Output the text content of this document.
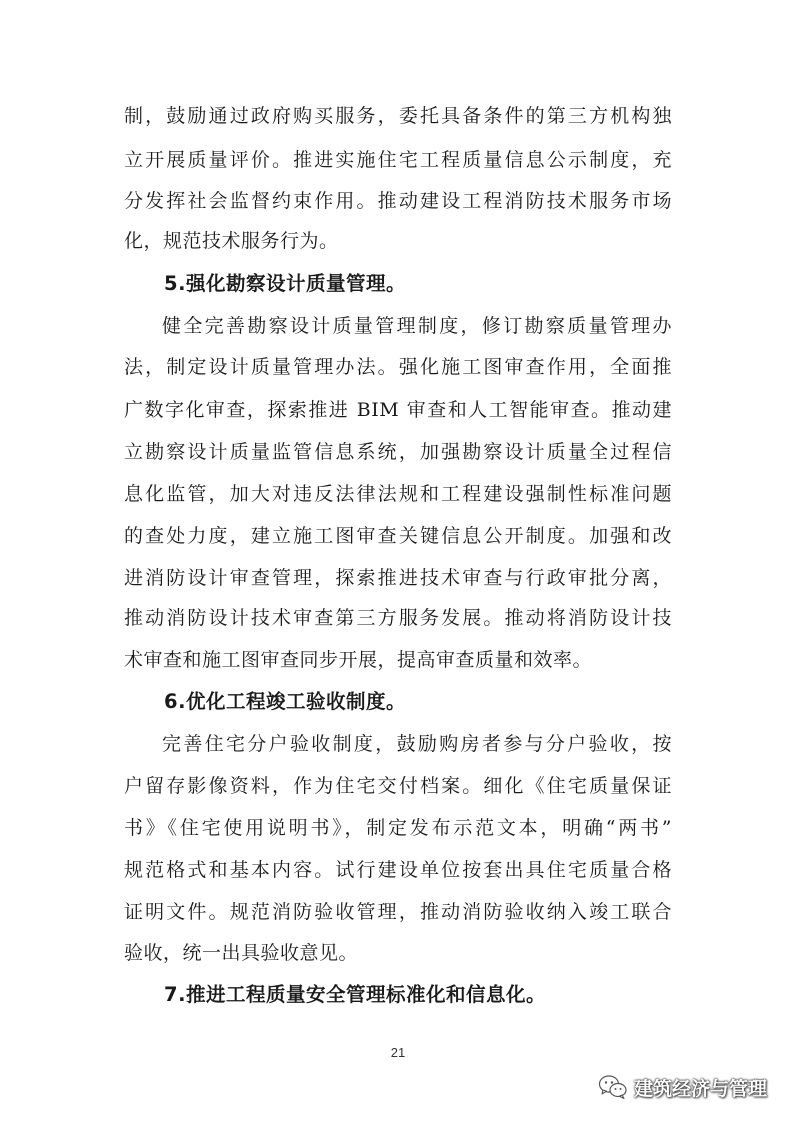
制，鼓励通过政府购买服务，委托具备条件的第三方机构独
立开展质量评价。推进实施住宅工程质量信息公示制度，充
分发挥社会监督约束作用。推动建设工程消防技术服务市场
化，规范技术服务行为。
5.强化勘察设计质量管理。
健全完善勘察设计质量管理制度，修订勘察质量管理办
法，制定设计质量管理办法。强化施工图审查作用，全面推
广数字化审查，探索推进 BIM 审查和人工智能审查。推动建
立勘察设计质量监管信息系统，加强勘察设计质量全过程信
息化监管，加大对违反法律法规和工程建设强制性标准问题
的查处力度，建立施工图审查关键信息公开制度。加强和改
进消防设计审查管理，探索推进技术审查与行政审批分离，
推动消防设计技术审查第三方服务发展。推动将消防设计技
术审查和施工图审查同步开展，提高审查质量和效率。
6.优化工程竣工验收制度。
完善住宅分户验收制度，鼓励购房者参与分户验收，按
户留存影像资料，作为住宅交付档案。细化《住宅质量保证
书》《住宅使用说明书》，制定发布示范文本，明确“两书”
规范格式和基本内容。试行建设单位按套出具住宅质量合格
证明文件。规范消防验收管理，推动消防验收纳入竣工联合
验收，统一出具验收意见。
7.推进工程质量安全管理标准化和信息化。
21
建筑经济与管理
